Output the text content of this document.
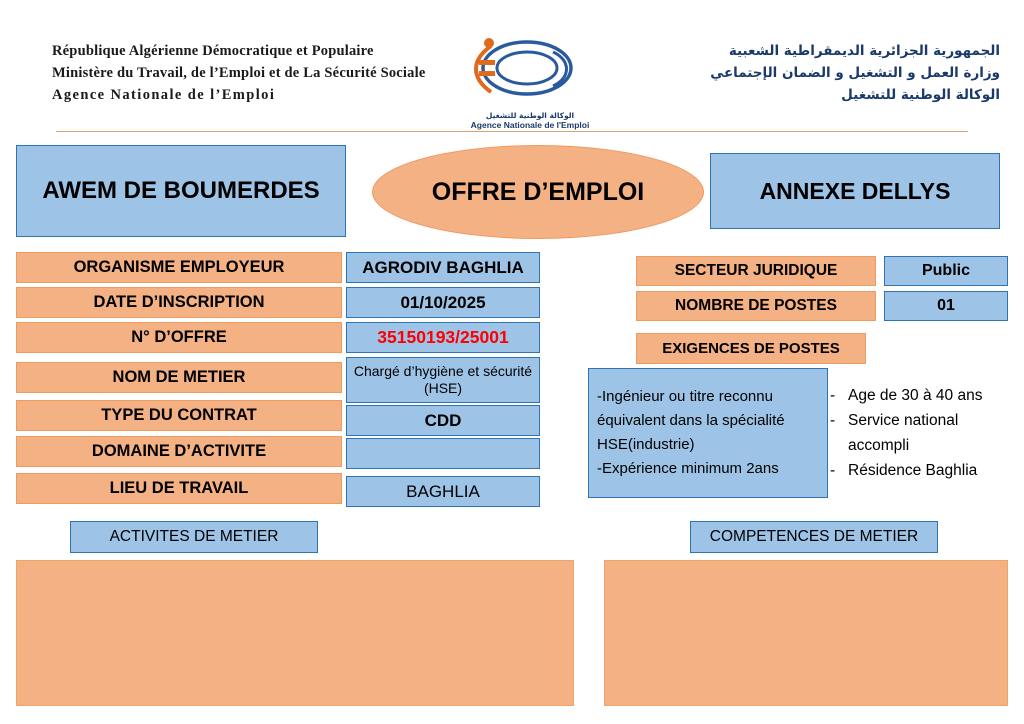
République Algérienne Démocratique et Populaire
Ministère du Travail, de l’Emploi et de La Sécurité Sociale
Agence Nationale de l’Emploi
الوكالة الوطنية للتشغيل
Agence Nationale de l'Emploi
الجمهورية الجزائرية الديمقراطية الشعبية
وزارة العمل و التشغيل و الضمان الإجتماعي
الوكالة الوطنية للتشغيل
AWEM DE BOUMERDES	OFFRE D’EMPLOI	ANNEXE DELLYS
ORGANISME EMPLOYEUR	AGRODIV BAGHLIA
DATE D’INSCRIPTION	01/10/2025
N° D’OFFRE	35150193/25001
NOM DE METIER	Chargé d’hygiène et sécurité (HSE)
TYPE DU CONTRAT	CDD
DOMAINE D’ACTIVITE
LIEU DE TRAVAIL	BAGHLIA
SECTEUR JURIDIQUE	Public
NOMBRE DE POSTES	01
EXIGENCES DE POSTES
-Ingénieur ou titre reconnu équivalent dans la spécialité HSE(industrie)
-Expérience minimum 2ans
- Age de 30 à 40 ans
- Service national accompli
- Résidence Baghlia
ACTIVITES DE METIER	COMPETENCES DE METIER
